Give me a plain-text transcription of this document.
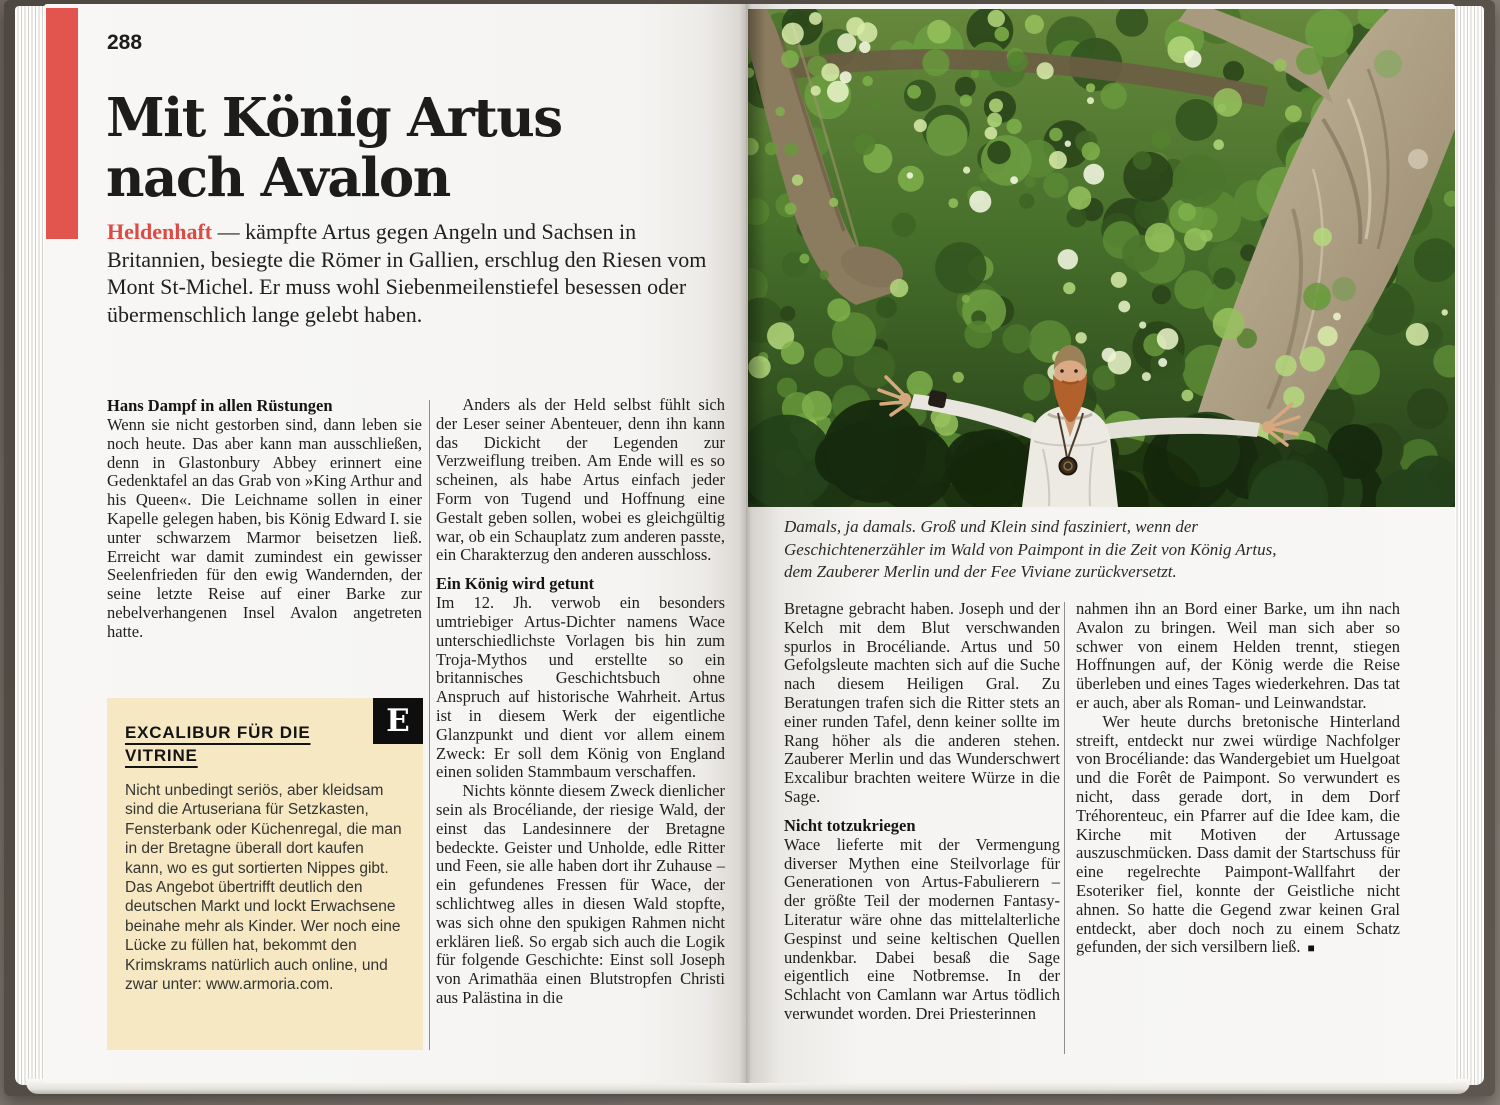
288
Mit König Artus
nach Avalon

Heldenhaft — kämpfte Artus gegen Angeln und Sachsen in Britannien, besiegte die Römer in Gallien, erschlug den Riesen vom Mont St-Michel. Er muss wohl Siebenmeilenstiefel besessen oder übermenschlich lange gelebt haben.

Hans Dampf in allen Rüstungen

Wenn sie nicht gestorben sind, dann leben sie noch heute. Das aber kann man ausschließen, denn in Glastonbury Abbey erinnert eine Gedenktafel an das Grab von »King Arthur and his Queen«. Die Leichname sollen in einer Kapelle gelegen haben, bis König Edward I. sie unter schwarzem Marmor beisetzen ließ. Erreicht war damit zumindest ein gewisser Seelenfrieden für den ewig Wandernden, der seine letzte Reise auf einer Barke zur nebelverhangenen Insel Avalon angetreten hatte.

Anders als der Held selbst fühlt sich der Leser seiner Abenteuer, denn ihn kann das Dickicht der Legenden zur Verzweiflung treiben. Am Ende will es so scheinen, als habe Artus einfach jeder Form von Tugend und Hoffnung eine Gestalt geben sollen, wobei es gleichgültig war, ob ein Schauplatz zum anderen passte, ein Charakterzug den anderen ausschloss.

Ein König wird getunt

Im 12. Jh. verwob ein besonders umtriebiger Artus-Dichter namens Wace unterschiedlichste Vorlagen bis hin zum Troja-Mythos und erstellte so ein britannisches Geschichtsbuch ohne Anspruch auf historische Wahrheit. Artus ist in diesem Werk der eigentliche Glanzpunkt und dient vor allem einem Zweck: Er soll dem König von England einen soliden Stammbaum verschaffen.

Nichts könnte diesem Zweck dienlicher sein als Brocéliande, der riesige Wald, der einst das Landesinnere der Bretagne bedeckte. Geister und Unholde, edle Ritter und Feen, sie alle haben dort ihr Zuhause – ein gefundenes Fressen für Wace, der schlichtweg alles in diesen Wald stopfte, was sich ohne den spukigen Rahmen nicht erklären ließ. So ergab sich auch die Logik für folgende Geschichte: Einst soll Joseph von Arimathäa einen Blutstropfen Christi aus Palästina in die

E
EXCALIBUR FÜR DIE VITRINE

Nicht unbedingt seriös, aber kleidsam sind die Artuseriana für Setzkasten, Fensterbank oder Küchenregal, die man in der Bretagne überall dort kaufen kann, wo es gut sortierten Nippes gibt. Das Angebot übertrifft deutlich den deutschen Markt und lockt Erwachsene beinahe mehr als Kinder. Wer noch eine Lücke zu füllen hat, bekommt den Krimskrams natürlich auch online, und zwar unter: www.armoria.com.

Damals, ja damals. Groß und Klein sind fasziniert, wenn der Geschichtenerzähler im Wald von Paimpont in die Zeit von König Artus, dem Zauberer Merlin und der Fee Viviane zurückversetzt.

Bretagne gebracht haben. Joseph und der Kelch mit dem Blut verschwanden spurlos in Brocéliande. Artus und 50 Gefolgsleute machten sich auf die Suche nach diesem Heiligen Gral. Zu Beratungen trafen sich die Ritter stets an einer runden Tafel, denn keiner sollte im Rang höher als die anderen stehen. Zauberer Merlin und das Wunderschwert Excalibur brachten weitere Würze in die Sage.

Nicht totzukriegen

Wace lieferte mit der Vermengung diverser Mythen eine Steilvorlage für Generationen von Artus-Fabulierern – der größte Teil der modernen Fantasy-Literatur wäre ohne das mittelalterliche Gespinst und seine keltischen Quellen undenkbar. Dabei besaß die Sage eigentlich eine Notbremse. In der Schlacht von Camlann war Artus tödlich verwundet worden. Drei Priesterinnen

nahmen ihn an Bord einer Barke, um ihn nach Avalon zu bringen. Weil man sich aber so schwer von einem Helden trennt, stiegen Hoffnungen auf, der König werde die Reise überleben und eines Tages wiederkehren. Das tat er auch, aber als Roman- und Leinwandstar.

Wer heute durchs bretonische Hinterland streift, entdeckt nur zwei würdige Nachfolger von Brocéliande: das Wandergebiet um Huelgoat und die Forêt de Paimpont. So verwundert es nicht, dass gerade dort, in dem Dorf Tréhorenteuc, ein Pfarrer auf die Idee kam, die Kirche mit Motiven der Artussage auszuschmücken. Dass damit der Startschuss für eine regelrechte Paimpont-Wallfahrt der Esoteriker fiel, konnte der Geistliche nicht ahnen. So hatte die Gegend zwar keinen Gral entdeckt, aber doch noch zu einem Schatz gefunden, der sich versilbern ließ. ■
